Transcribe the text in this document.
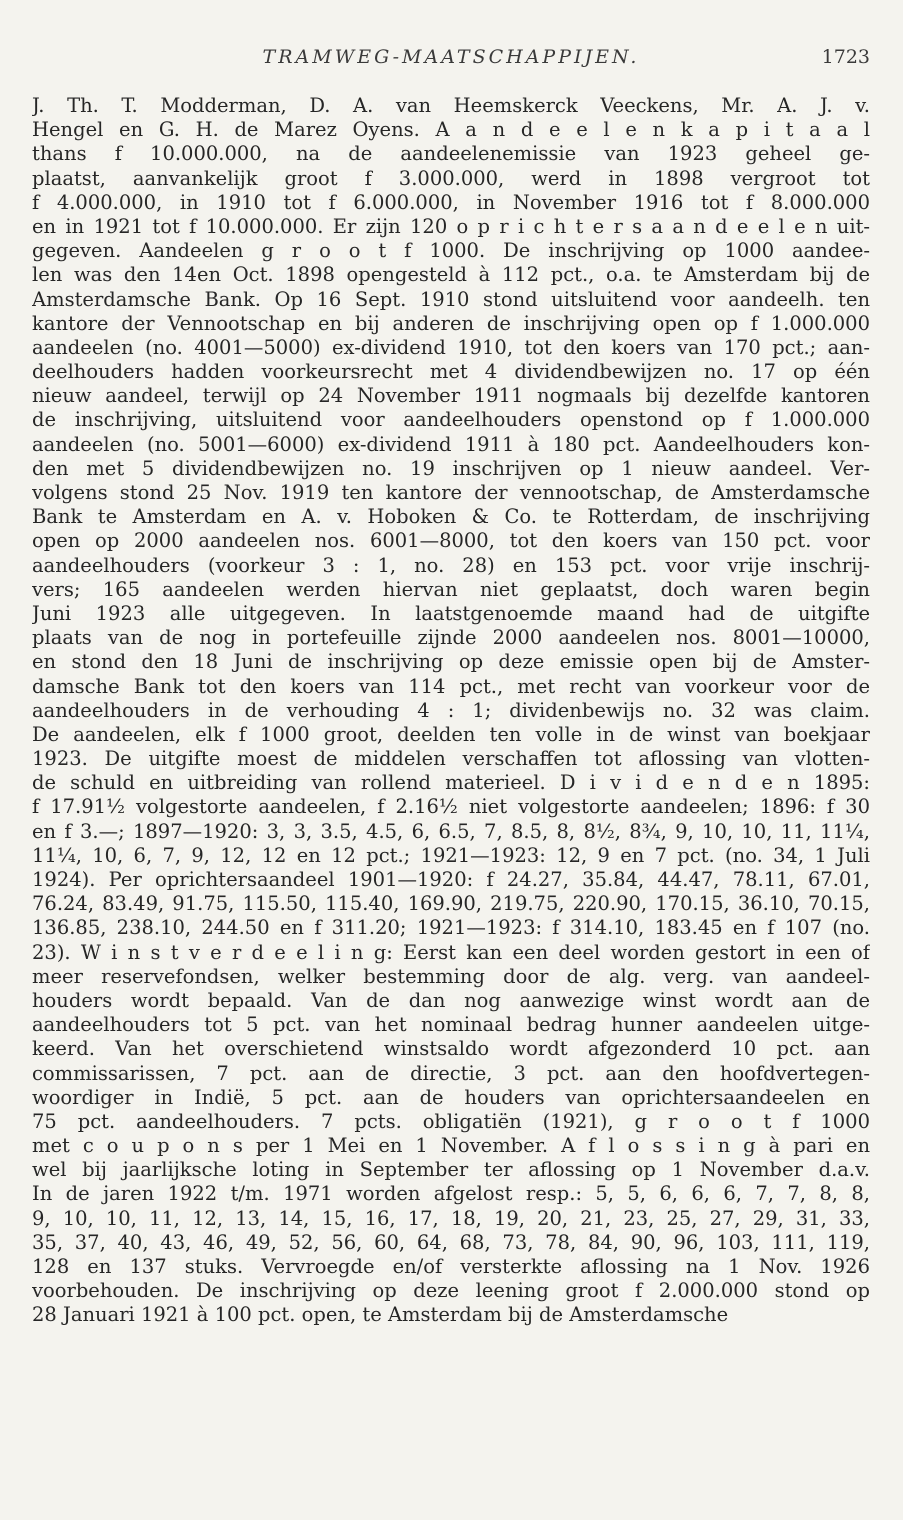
TRAMWEG-MAATSCHAPPIJEN.	1723
J. Th. T. Modderman, D. A. van Heemskerck Veeckens, Mr. A. J. v.
Hengel en G. H. de Marez Oyens. A a n d e e l e n k a p i t a a l
thans f 10.000.000, na de aandeelenemissie van 1923 geheel ge-
plaatst, aanvankelijk groot f 3.000.000, werd in 1898 vergroot tot
f 4.000.000, in 1910 tot f 6.000.000, in November 1916 tot f 8.000.000
en in 1921 tot f 10.000.000. Er zijn 120 o p r i c h t e r s a a n d e e l e n uit-
gegeven. Aandeelen g r o o t f 1000. De inschrijving op 1000 aandee-
len was den 14en Oct. 1898 opengesteld à 112 pct., o.a. te Amsterdam bij de
Amsterdamsche Bank. Op 16 Sept. 1910 stond uitsluitend voor aandeelh. ten
kantore der Vennootschap en bij anderen de inschrijving open op f 1.000.000
aandeelen (no. 4001—5000) ex-dividend 1910, tot den koers van 170 pct.; aan-
deelhouders hadden voorkeursrecht met 4 dividendbewijzen no. 17 op één
nieuw aandeel, terwijl op 24 November 1911 nogmaals bij dezelfde kantoren
de inschrijving, uitsluitend voor aandeelhouders openstond op f 1.000.000
aandeelen (no. 5001—6000) ex-dividend 1911 à 180 pct. Aandeelhouders kon-
den met 5 dividendbewijzen no. 19 inschrijven op 1 nieuw aandeel. Ver-
volgens stond 25 Nov. 1919 ten kantore der vennootschap, de Amsterdamsche
Bank te Amsterdam en A. v. Hoboken & Co. te Rotterdam, de inschrijving
open op 2000 aandeelen nos. 6001—8000, tot den koers van 150 pct. voor
aandeelhouders (voorkeur 3 : 1, no. 28) en 153 pct. voor vrije inschrij-
vers; 165 aandeelen werden hiervan niet geplaatst, doch waren begin
Juni 1923 alle uitgegeven. In laatstgenoemde maand had de uitgifte
plaats van de nog in portefeuille zijnde 2000 aandeelen nos. 8001—10000,
en stond den 18 Juni de inschrijving op deze emissie open bij de Amster-
damsche Bank tot den koers van 114 pct., met recht van voorkeur voor de
aandeelhouders in de verhouding 4 : 1; dividenbewijs no. 32 was claim.
De aandeelen, elk f 1000 groot, deelden ten volle in de winst van boekjaar
1923. De uitgifte moest de middelen verschaffen tot aflossing van vlotten-
de schuld en uitbreiding van rollend materieel. D i v i d e n d e n 1895:
f 17.91½ volgestorte aandeelen, f 2.16½ niet volgestorte aandeelen; 1896: f 30
en f 3.—; 1897—1920: 3, 3, 3.5, 4.5, 6, 6.5, 7, 8.5, 8, 8½, 8¾, 9, 10, 10, 11, 11¼,
11¼, 10, 6, 7, 9, 12, 12 en 12 pct.; 1921—1923: 12, 9 en 7 pct. (no. 34, 1 Juli
1924). Per oprichtersaandeel 1901—1920: f 24.27, 35.84, 44.47, 78.11, 67.01,
76.24, 83.49, 91.75, 115.50, 115.40, 169.90, 219.75, 220.90, 170.15, 36.10, 70.15,
136.85, 238.10, 244.50 en f 311.20; 1921—1923: f 314.10, 183.45 en f 107 (no.
23). W i n s t v e r d e e l i n g: Eerst kan een deel worden gestort in een of
meer reservefondsen, welker bestemming door de alg. verg. van aandeel-
houders wordt bepaald. Van de dan nog aanwezige winst wordt aan de
aandeelhouders tot 5 pct. van het nominaal bedrag hunner aandeelen uitge-
keerd. Van het overschietend winstsaldo wordt afgezonderd 10 pct. aan
commissarissen, 7 pct. aan de directie, 3 pct. aan den hoofdvertegen-
woordiger in Indië, 5 pct. aan de houders van oprichtersaandeelen en
75 pct. aandeelhouders. 7 pcts. obligatiën (1921), g r o o t f 1000
met c o u p o n s per 1 Mei en 1 November. A f l o s s i n g à pari en
wel bij jaarlijksche loting in September ter aflossing op 1 November d.a.v.
In de jaren 1922 t/m. 1971 worden afgelost resp.: 5, 5, 6, 6, 6, 7, 7, 8, 8,
9, 10, 10, 11, 12, 13, 14, 15, 16, 17, 18, 19, 20, 21, 23, 25, 27, 29, 31, 33,
35, 37, 40, 43, 46, 49, 52, 56, 60, 64, 68, 73, 78, 84, 90, 96, 103, 111, 119,
128 en 137 stuks. Vervroegde en/of versterkte aflossing na 1 Nov. 1926
voorbehouden. De inschrijving op deze leening groot f 2.000.000 stond op
28 Januari 1921 à 100 pct. open, te Amsterdam bij de Amsterdamsche
